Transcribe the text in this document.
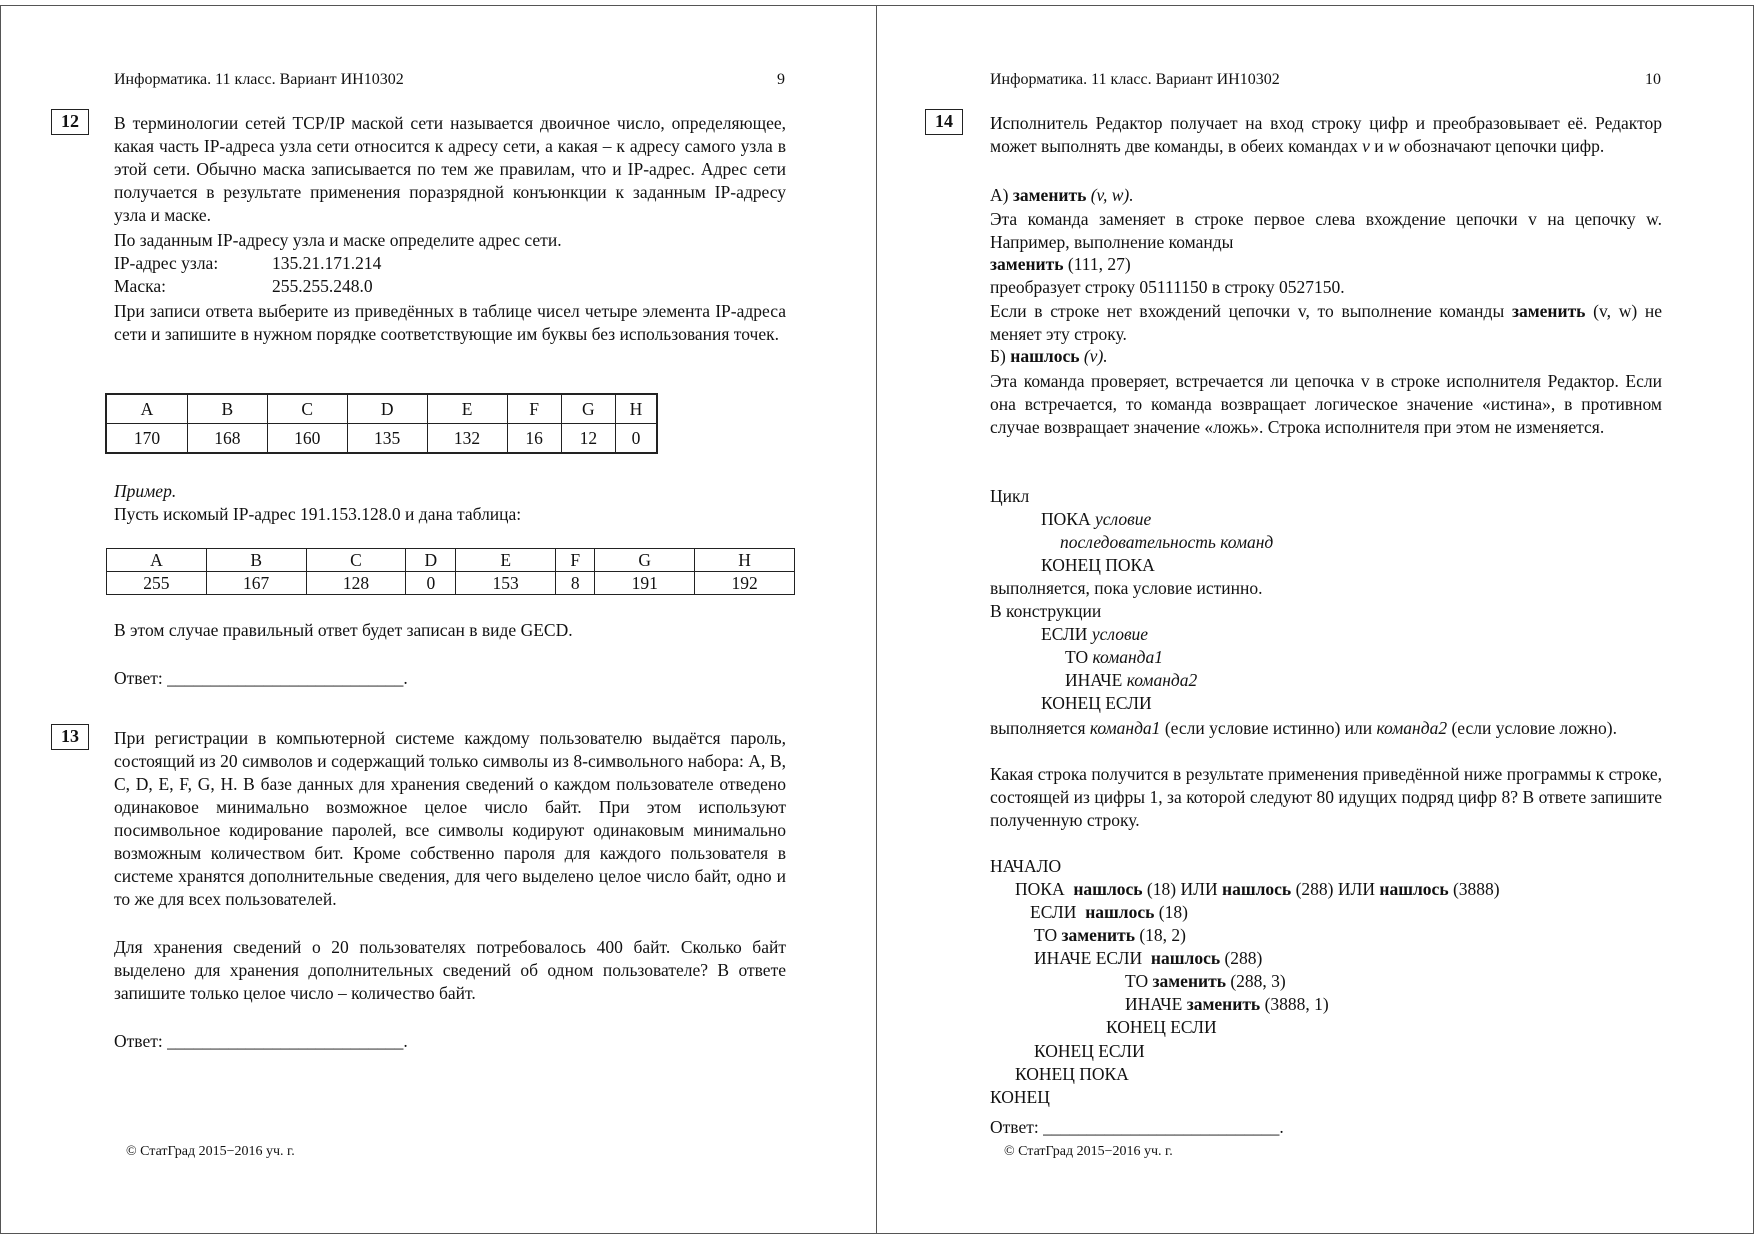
Информатика. 11 класс. Вариант ИН10302	9
12	В терминологии сетей TCP/IP маской сети называется двоичное число, определяющее, какая часть IP-адреса узла сети относится к адресу сети, а какая – к адресу самого узла в этой сети. Обычно маска записывается по тем же правилам, что и IP-адрес. Адрес сети получается в результате применения поразрядной конъюнкции к заданным IP-адресу узла и маске.
По заданным IP-адресу узла и маске определите адрес сети.
IP-адрес узла:	135.21.171.214
Маска:	255.255.248.0
При записи ответа выберите из приведённых в таблице чисел четыре элемента IP-адреса сети и запишите в нужном порядке соответствующие им буквы без использования точек.
A	B	C	D	E	F	G	H
170	168	160	135	132	16	12	0
Пример.
Пусть искомый IP-адрес 191.153.128.0 и дана таблица:
A	B	C	D	E	F	G	H
255	167	128	0	153	8	191	192
В этом случае правильный ответ будет записан в виде GECD.
Ответ: ___________________________.
13	При регистрации в компьютерной системе каждому пользователю выдаётся пароль, состоящий из 20 символов и содержащий только символы из 8-символьного набора: A, B, C, D, E, F, G, H. В базе данных для хранения сведений о каждом пользователе отведено одинаковое минимально возможное целое число байт. При этом используют посимвольное кодирование паролей, все символы кодируют одинаковым минимально возможным количеством бит. Кроме собственно пароля для каждого пользователя в системе хранятся дополнительные сведения, для чего выделено целое число байт, одно и то же для всех пользователей.
Для хранения сведений о 20 пользователях потребовалось 400 байт. Сколько байт выделено для хранения дополнительных сведений об одном пользователе? В ответе запишите только целое число – количество байт.
Ответ: ___________________________.
© СтатГрад 2015−2016 уч. г.
Информатика. 11 класс. Вариант ИН10302	10
14	Исполнитель Редактор получает на вход строку цифр и преобразовывает её. Редактор может выполнять две команды, в обеих командах v и w обозначают цепочки цифр.
А) заменить (v, w).
Эта команда заменяет в строке первое слева вхождение цепочки v на цепочку w. Например, выполнение команды
заменить (111, 27)
преобразует строку 05111150 в строку 0527150.
Если в строке нет вхождений цепочки v, то выполнение команды заменить (v, w) не меняет эту строку.
Б) нашлось (v).
Эта команда проверяет, встречается ли цепочка v в строке исполнителя Редактор. Если она встречается, то команда возвращает логическое значение «истина», в противном случае возвращает значение «ложь». Строка исполнителя при этом не изменяется.
Цикл
ПОКА условие
последовательность команд
КОНЕЦ ПОКА
выполняется, пока условие истинно.
В конструкции
ЕСЛИ условие
ТО команда1
ИНАЧЕ команда2
КОНЕЦ ЕСЛИ
выполняется команда1 (если условие истинно) или команда2 (если условие ложно).
Какая строка получится в результате применения приведённой ниже программы к строке, состоящей из цифры 1, за которой следуют 80 идущих подряд цифр 8? В ответе запишите полученную строку.
НАЧАЛО
ПОКА нашлось (18) ИЛИ нашлось (288) ИЛИ нашлось (3888)
ЕСЛИ нашлось (18)
ТО заменить (18, 2)
ИНАЧЕ ЕСЛИ нашлось (288)
ТО заменить (288, 3)
ИНАЧЕ заменить (3888, 1)
КОНЕЦ ЕСЛИ
КОНЕЦ ЕСЛИ
КОНЕЦ ПОКА
КОНЕЦ
Ответ: ___________________________.
© СтатГрад 2015−2016 уч. г.
